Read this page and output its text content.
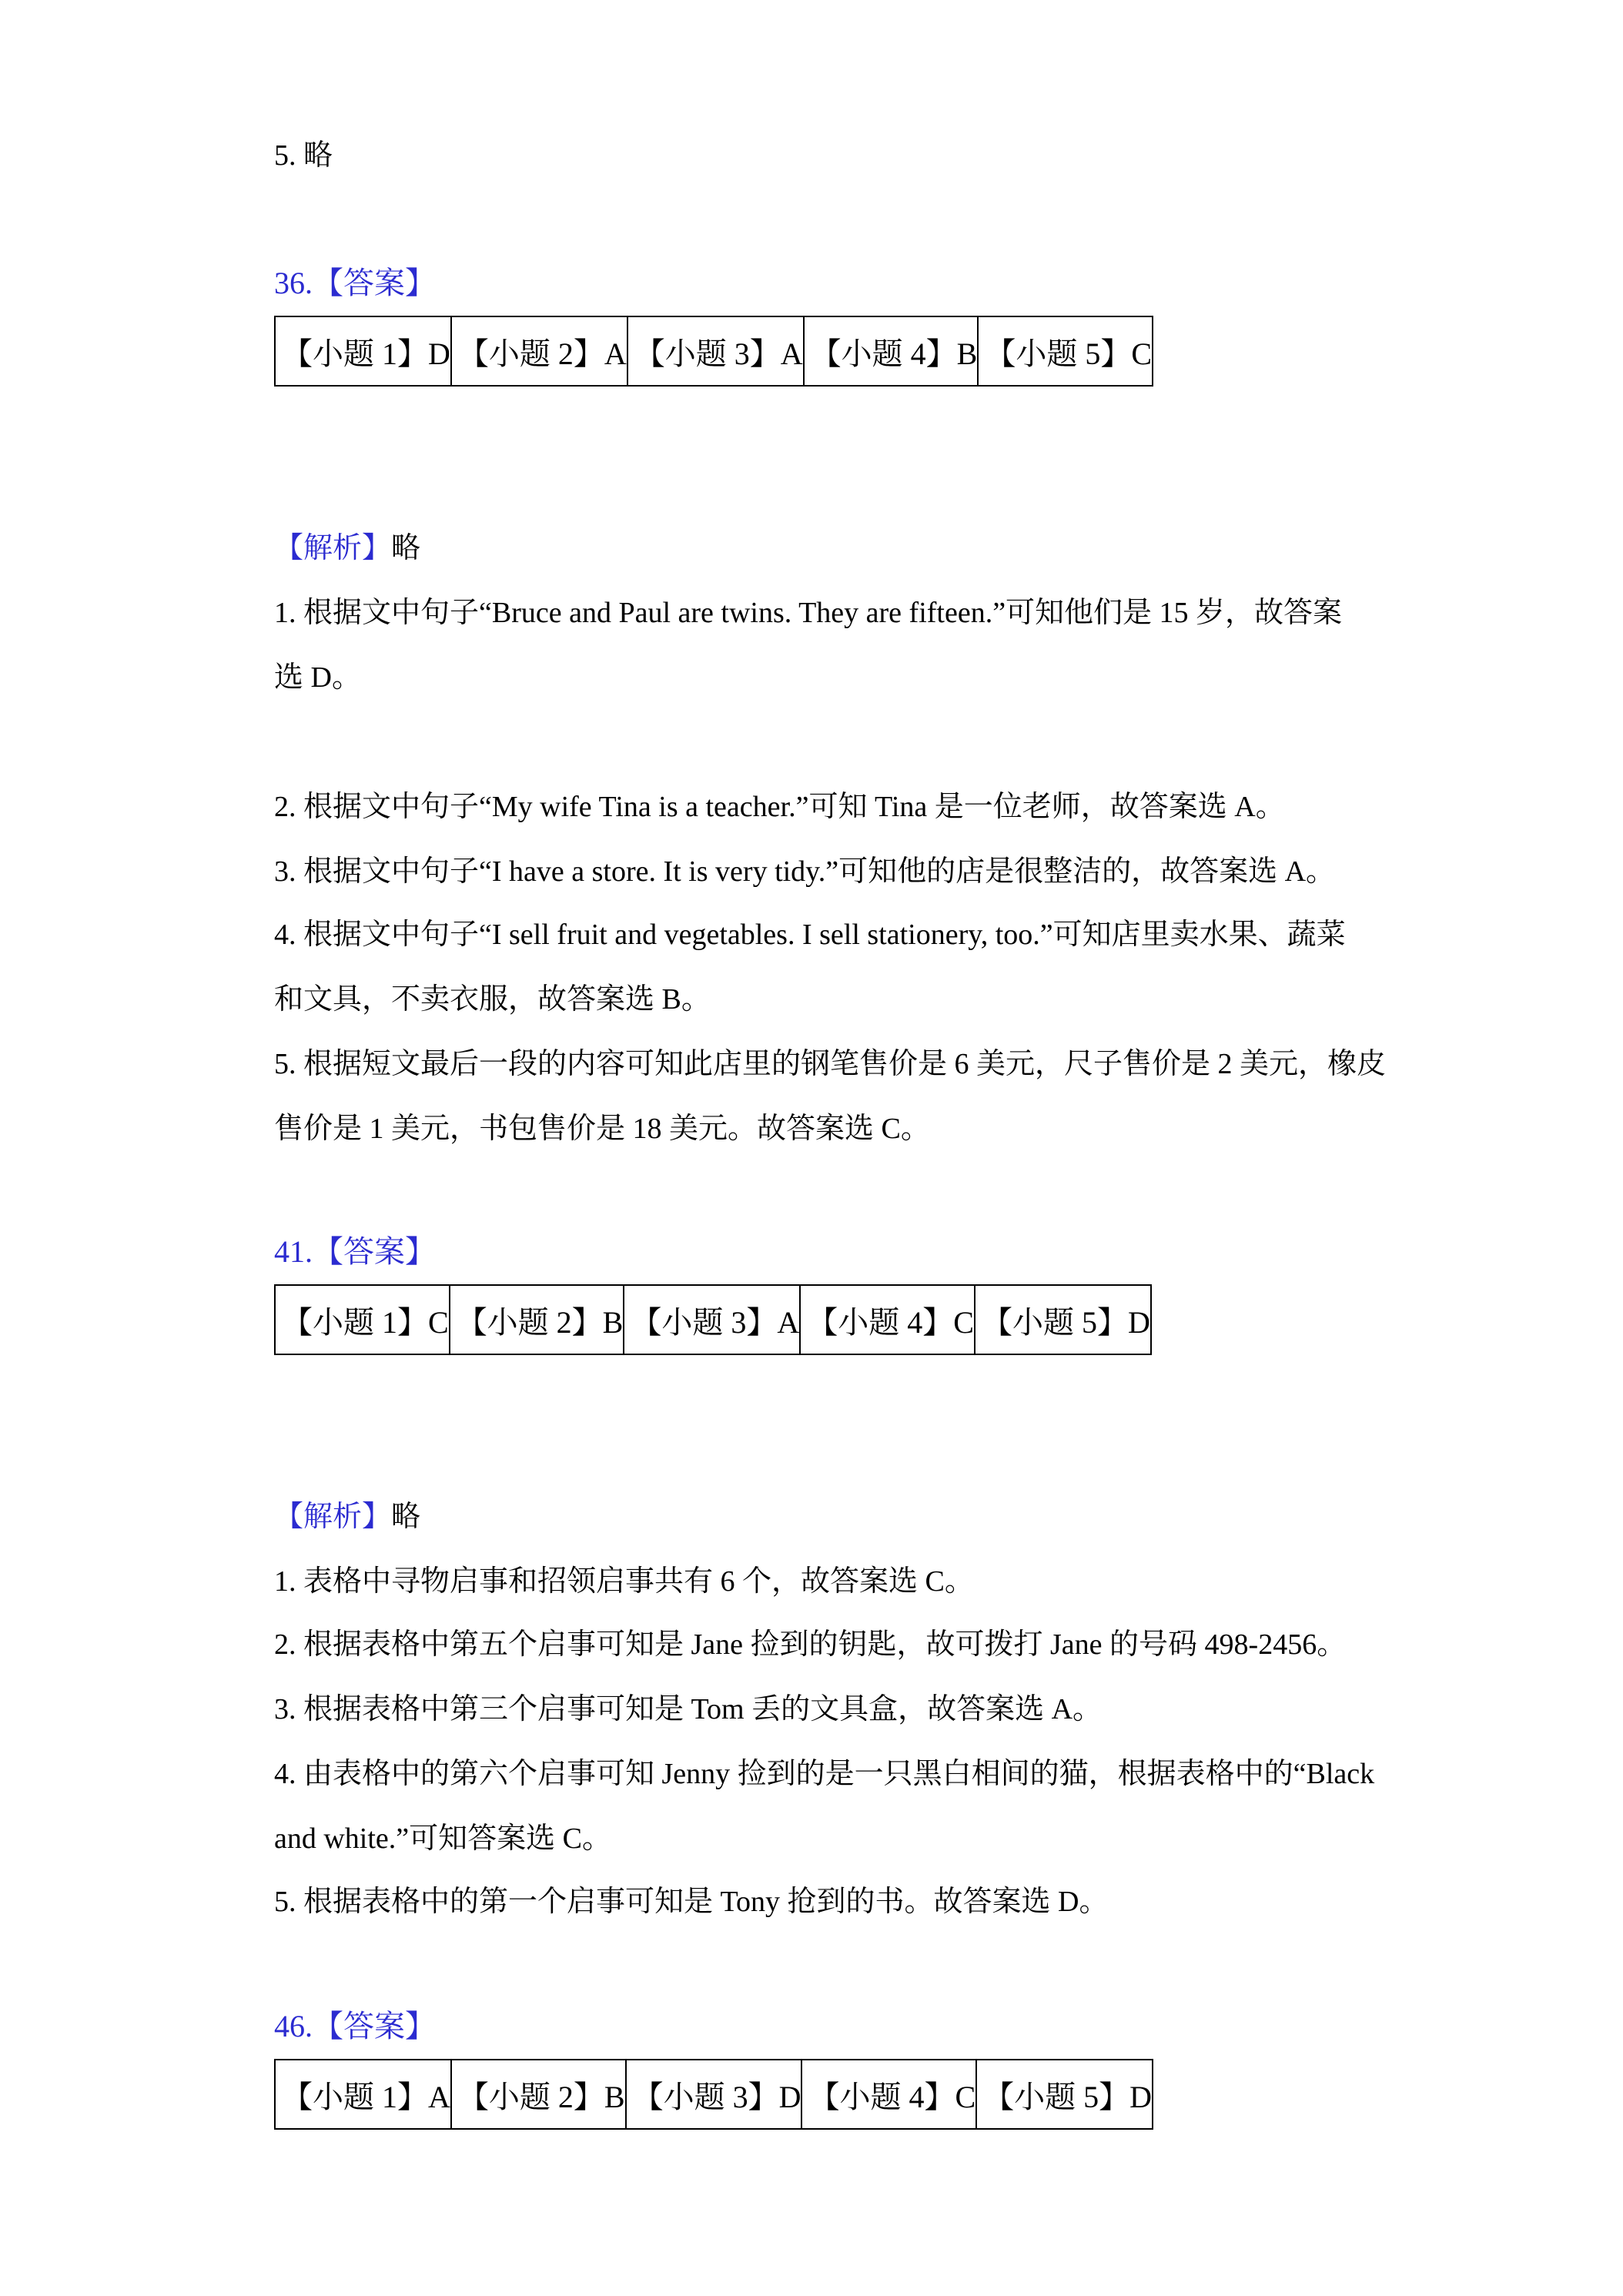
5. 略
36.【答案】
【小题 1】D	【小题 2】A	【小题 3】A	【小题 4】B	【小题 5】C
【解析】略
1. 根据文中句子“Bruce and Paul are twins. They are fifteen.”可知他们是 15 岁，故答案
选 D。
2. 根据文中句子“My wife Tina is a teacher.”可知 Tina 是一位老师，故答案选 A。
3. 根据文中句子“I have a store. It is very tidy.”可知他的店是很整洁的，故答案选 A。
4. 根据文中句子“I sell fruit and vegetables. I sell stationery, too.”可知店里卖水果、蔬菜
和文具，不卖衣服，故答案选 B。
5. 根据短文最后一段的内容可知此店里的钢笔售价是 6 美元，尺子售价是 2 美元，橡皮
售价是 1 美元，书包售价是 18 美元。故答案选 C。
41.【答案】
【小题 1】C	【小题 2】B	【小题 3】A	【小题 4】C	【小题 5】D
【解析】略
1. 表格中寻物启事和招领启事共有 6 个，故答案选 C。
2. 根据表格中第五个启事可知是 Jane 捡到的钥匙，故可拨打 Jane 的号码 498-2456。
3. 根据表格中第三个启事可知是 Tom 丢的文具盒，故答案选 A。
4. 由表格中的第六个启事可知 Jenny 捡到的是一只黑白相间的猫，根据表格中的“Black
and white.”可知答案选 C。
5. 根据表格中的第一个启事可知是 Tony 抢到的书。故答案选 D。
46.【答案】
【小题 1】A	【小题 2】B	【小题 3】D	【小题 4】C	【小题 5】D
